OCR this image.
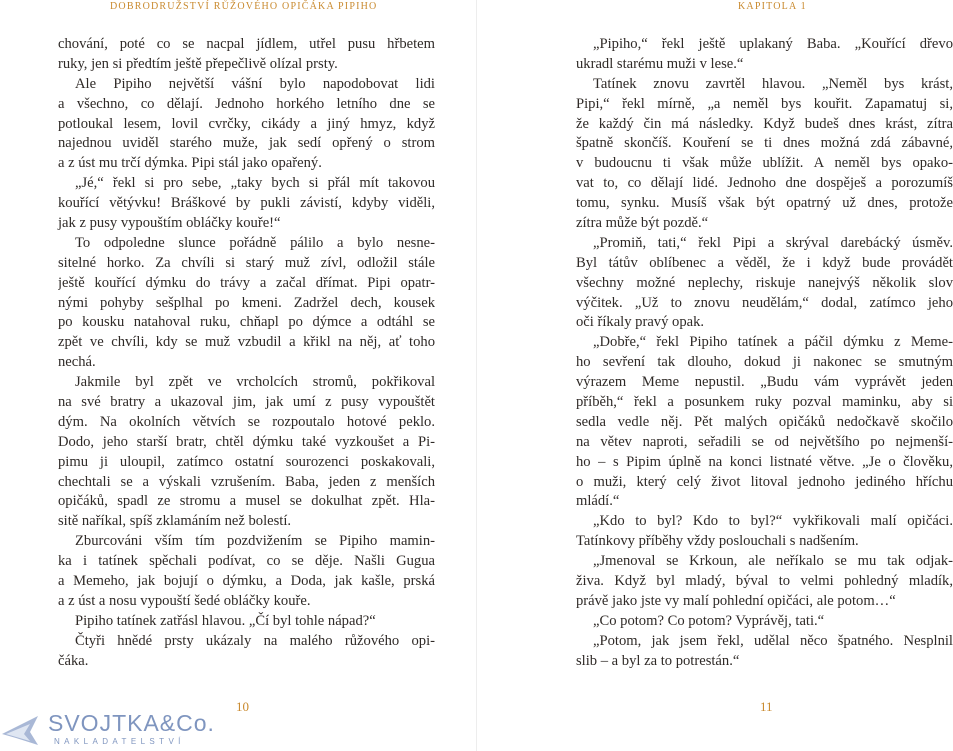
DOBRODRUŽSTVÍ RŮŽOVÉHO OPIČÁKA PIPIHO
chování, poté co se nacpal jídlem, utřel pusu hřbetem
ruky, jen si předtím ještě přepečlivě olízal prsty.
Ale Pipiho největší vášní bylo napodobovat lidi
a všechno, co dělají. Jednoho horkého letního dne se
potloukal lesem, lovil cvrčky, cikády a jiný hmyz, když
najednou uviděl starého muže, jak sedí opřený o strom
a z úst mu trčí dýmka. Pipi stál jako opařený.
„Jé,“ řekl si pro sebe, „taky bych si přál mít takovou
kouřící větývku! Bráškové by pukli závistí, kdyby viděli,
jak z pusy vypouštím obláčky kouře!“
To odpoledne slunce pořádně pálilo a bylo nesne-
sitelné horko. Za chvíli si starý muž zívl, odložil stále
ještě kouřící dýmku do trávy a začal dřímat. Pipi opatr-
nými pohyby sešplhal po kmeni. Zadržel dech, kousek
po kousku natahoval ruku, chňapl po dýmce a odtáhl se
zpět ve chvíli, kdy se muž vzbudil a křikl na něj, ať toho
nechá.
Jakmile byl zpět ve vrcholcích stromů, pokřikoval
na své bratry a ukazoval jim, jak umí z pusy vypouštět
dým. Na okolních větvích se rozpoutalo hotové peklo.
Dodo, jeho starší bratr, chtěl dýmku také vyzkoušet a Pi-
pimu ji uloupil, zatímco ostatní sourozenci poskakovali,
chechtali se a výskali vzrušením. Baba, jeden z menších
opičáků, spadl ze stromu a musel se dokulhat zpět. Hla-
sitě naříkal, spíš zklamáním než bolestí.
Zburcováni vším tím pozdvižením se Pipiho mamin-
ka i tatínek spěchali podívat, co se děje. Našli Gugua
a Memeho, jak bojují o dýmku, a Doda, jak kašle, prská
a z úst a nosu vypouští šedé obláčky kouře.
Pipiho tatínek zatřásl hlavou. „Čí byl tohle nápad?“
Čtyři hnědé prsty ukázaly na malého růžového opi-
čáka.
10
KAPITOLA 1
„Pipiho,“ řekl ještě uplakaný Baba. „Kouřící dřevo
ukradl starému muži v lese.“
Tatínek znovu zavrtěl hlavou. „Neměl bys krást,
Pipi,“ řekl mírně, „a neměl bys kouřit. Zapamatuj si,
že každý čin má následky. Když budeš dnes krást, zítra
špatně skončíš. Kouření se ti dnes možná zdá zábavné,
v budoucnu ti však může ublížit. A neměl bys opako-
vat to, co dělají lidé. Jednoho dne dospěješ a porozumíš
tomu, synku. Musíš však být opatrný už dnes, protože
zítra může být pozdě.“
„Promiň, tati,“ řekl Pipi a skrýval darebácký úsměv.
Byl tátův oblíbenec a věděl, že i když bude provádět
všechny možné neplechy, riskuje nanejvýš několik slov
výčitek. „Už to znovu neudělám,“ dodal, zatímco jeho
oči říkaly pravý opak.
„Dobře,“ řekl Pipiho tatínek a páčil dýmku z Meme-
ho sevření tak dlouho, dokud ji nakonec se smutným
výrazem Meme nepustil. „Budu vám vyprávět jeden
příběh,“ řekl a posunkem ruky pozval maminku, aby si
sedla vedle něj. Pět malých opičáků nedočkavě skočilo
na větev naproti, seřadili se od největšího po nejmenší-
ho – s Pipim úplně na konci listnaté větve. „Je o člověku,
o muži, který celý život litoval jednoho jediného hříchu
mládí.“
„Kdo to byl? Kdo to byl?“ vykřikovali malí opičáci.
Tatínkovy příběhy vždy poslouchali s nadšením.
„Jmenoval se Krkoun, ale neříkalo se mu tak odjak-
živa. Když byl mladý, býval to velmi pohledný mladík,
právě jako jste vy malí pohlední opičáci, ale potom…“
„Co potom? Co potom? Vyprávěj, tati.“
„Potom, jak jsem řekl, udělal něco špatného. Nesplnil
slib – a byl za to potrestán.“
11
SVOJTKA&Co.
NAKLADATELSTVÍ
